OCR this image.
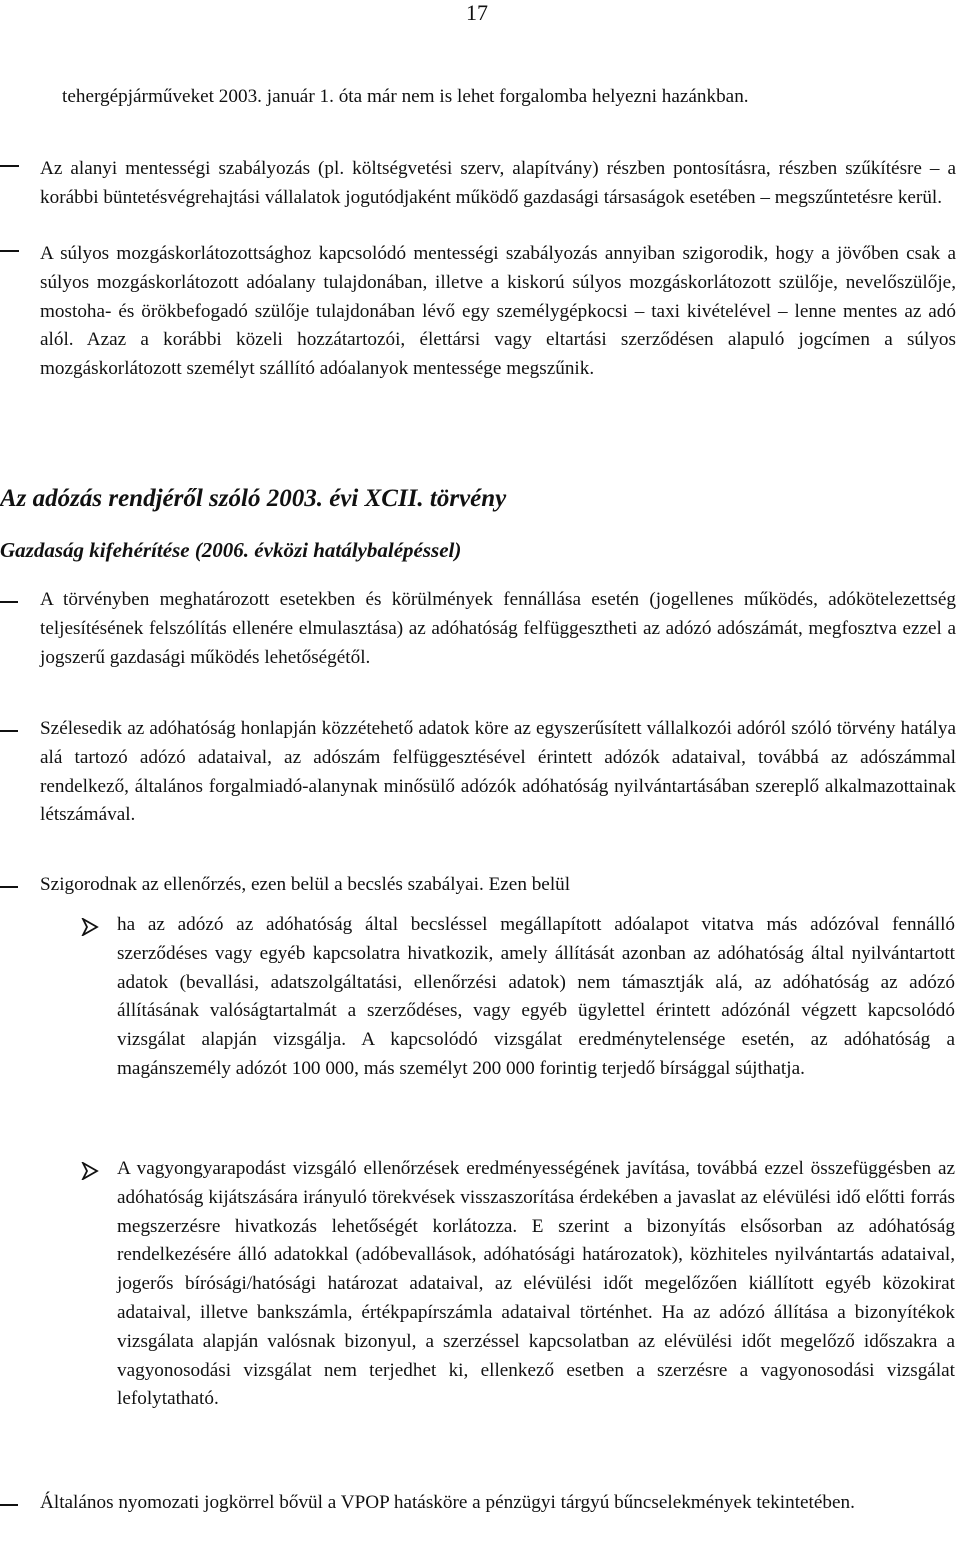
17
tehergépjárműveket 2003. január 1. óta már nem is lehet forgalomba helyezni hazánkban.
Az alanyi mentességi szabályozás (pl. költségvetési szerv, alapítvány) részben pontosításra, részben szűkítésre – a korábbi büntetésvégrehajtási vállalatok jogutódjaként működő gazdasági társaságok esetében – megszűntetésre kerül.
A súlyos mozgáskorlátozottsághoz kapcsolódó mentességi szabályozás annyiban szigorodik, hogy a jövőben csak a súlyos mozgáskorlátozott adóalany tulajdonában, illetve a kiskorú súlyos mozgáskorlátozott szülője, nevelőszülője, mostoha- és örökbefogadó szülője tulajdonában lévő egy személygépkocsi – taxi kivételével – lenne mentes az adó alól. Azaz a korábbi közeli hozzátartozói, élettársi vagy eltartási szerződésen alapuló jogcímen a súlyos mozgáskorlátozott személyt szállító adóalanyok mentessége megszűnik.
Az adózás rendjéről szóló 2003. évi XCII. törvény
Gazdaság kifehérítése (2006. évközi hatálybalépéssel)
A törvényben meghatározott esetekben és körülmények fennállása esetén (jogellenes működés, adókötelezettség teljesítésének felszólítás ellenére elmulasztása) az adóhatóság felfüggesztheti az adózó adószámát, megfosztva ezzel a jogszerű gazdasági működés lehetőségétől.
Szélesedik az adóhatóság honlapján közzétehető adatok köre az egyszerűsített vállalkozói adóról szóló törvény hatálya alá tartozó adózó adataival, az adószám felfüggesztésével érintett adózók adataival, továbbá az adószámmal rendelkező, általános forgalmiadó-alanynak minősülő adózók adóhatóság nyilvántartásában szereplő alkalmazottainak létszámával.
Szigorodnak az ellenőrzés, ezen belül a becslés szabályai. Ezen belül
ha az adózó az adóhatóság által becsléssel megállapított adóalapot vitatva más adózóval fennálló szerződéses vagy egyéb kapcsolatra hivatkozik, amely állítását azonban az adóhatóság által nyilvántartott adatok (bevallási, adatszolgáltatási, ellenőrzési adatok) nem támasztják alá, az adóhatóság az adózó állításának valóságtartalmát a szerződéses, vagy egyéb ügylettel érintett adózónál végzett kapcsolódó vizsgálat alapján vizsgálja. A kapcsolódó vizsgálat eredménytelensége esetén, az adóhatóság a magánszemély adózót 100 000, más személyt 200 000 forintig terjedő bírsággal sújthatja.
A vagyongyarapodást vizsgáló ellenőrzések eredményességének javítása, továbbá ezzel összefüggésben az adóhatóság kijátszására irányuló törekvések visszaszorítása érdekében a javaslat az elévülési idő előtti forrás megszerzésre hivatkozás lehetőségét korlátozza. E szerint a bizonyítás elsősorban az adóhatóság rendelkezésére álló adatokkal (adóbevallások, adóhatósági határozatok), közhiteles nyilvántartás adataival, jogerős bírósági/hatósági határozat adataival, az elévülési időt megelőzően kiállított egyéb közokirat adataival, illetve bankszámla, értékpapírszámla adataival történhet. Ha az adózó állítása a bizonyítékok vizsgálata alapján valósnak bizonyul, a szerzéssel kapcsolatban az elévülési időt megelőző időszakra a vagyonosodási vizsgálat nem terjedhet ki, ellenkező esetben a szerzésre a vagyonosodási vizsgálat lefolytatható.
Általános nyomozati jogkörrel bővül a VPOP hatásköre a pénzügyi tárgyú bűncselekmények tekintetében.
